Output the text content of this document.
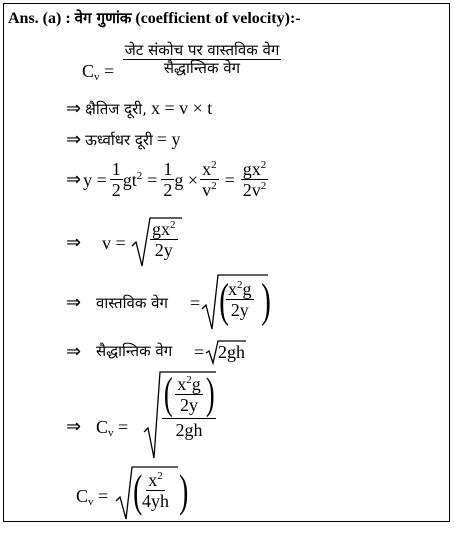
Ans. (a) : वेग गुणांक (coefficient of velocity):-
$C_v = \frac{\text{जेट संकोच पर वास्तविक वेग}}{\text{सैद्धान्तिक वेग}}$
⇒ क्षैतिज दूरी, x = v × t
⇒ ऊर्ध्वाधर दूरी = y
⇒ $y = \frac{1}{2} gt^2 = \frac{1}{2}$ $g \times \frac{x^2}{v^2} = \frac{gx^2}{2v^2}$
⇒ $v = \frac{gx^2}{2y}$
⇒ वास्तविक वेग = (
$\frac{x^2g}{2y}$ )
⇒ सैद्धान्तिक वेग = 2gh
⇒ $C_v$ =
( $\frac{x^2g}{2y}$ )
2gh
$C_v$ = (
$\frac{x^2}{4yh}$ )
